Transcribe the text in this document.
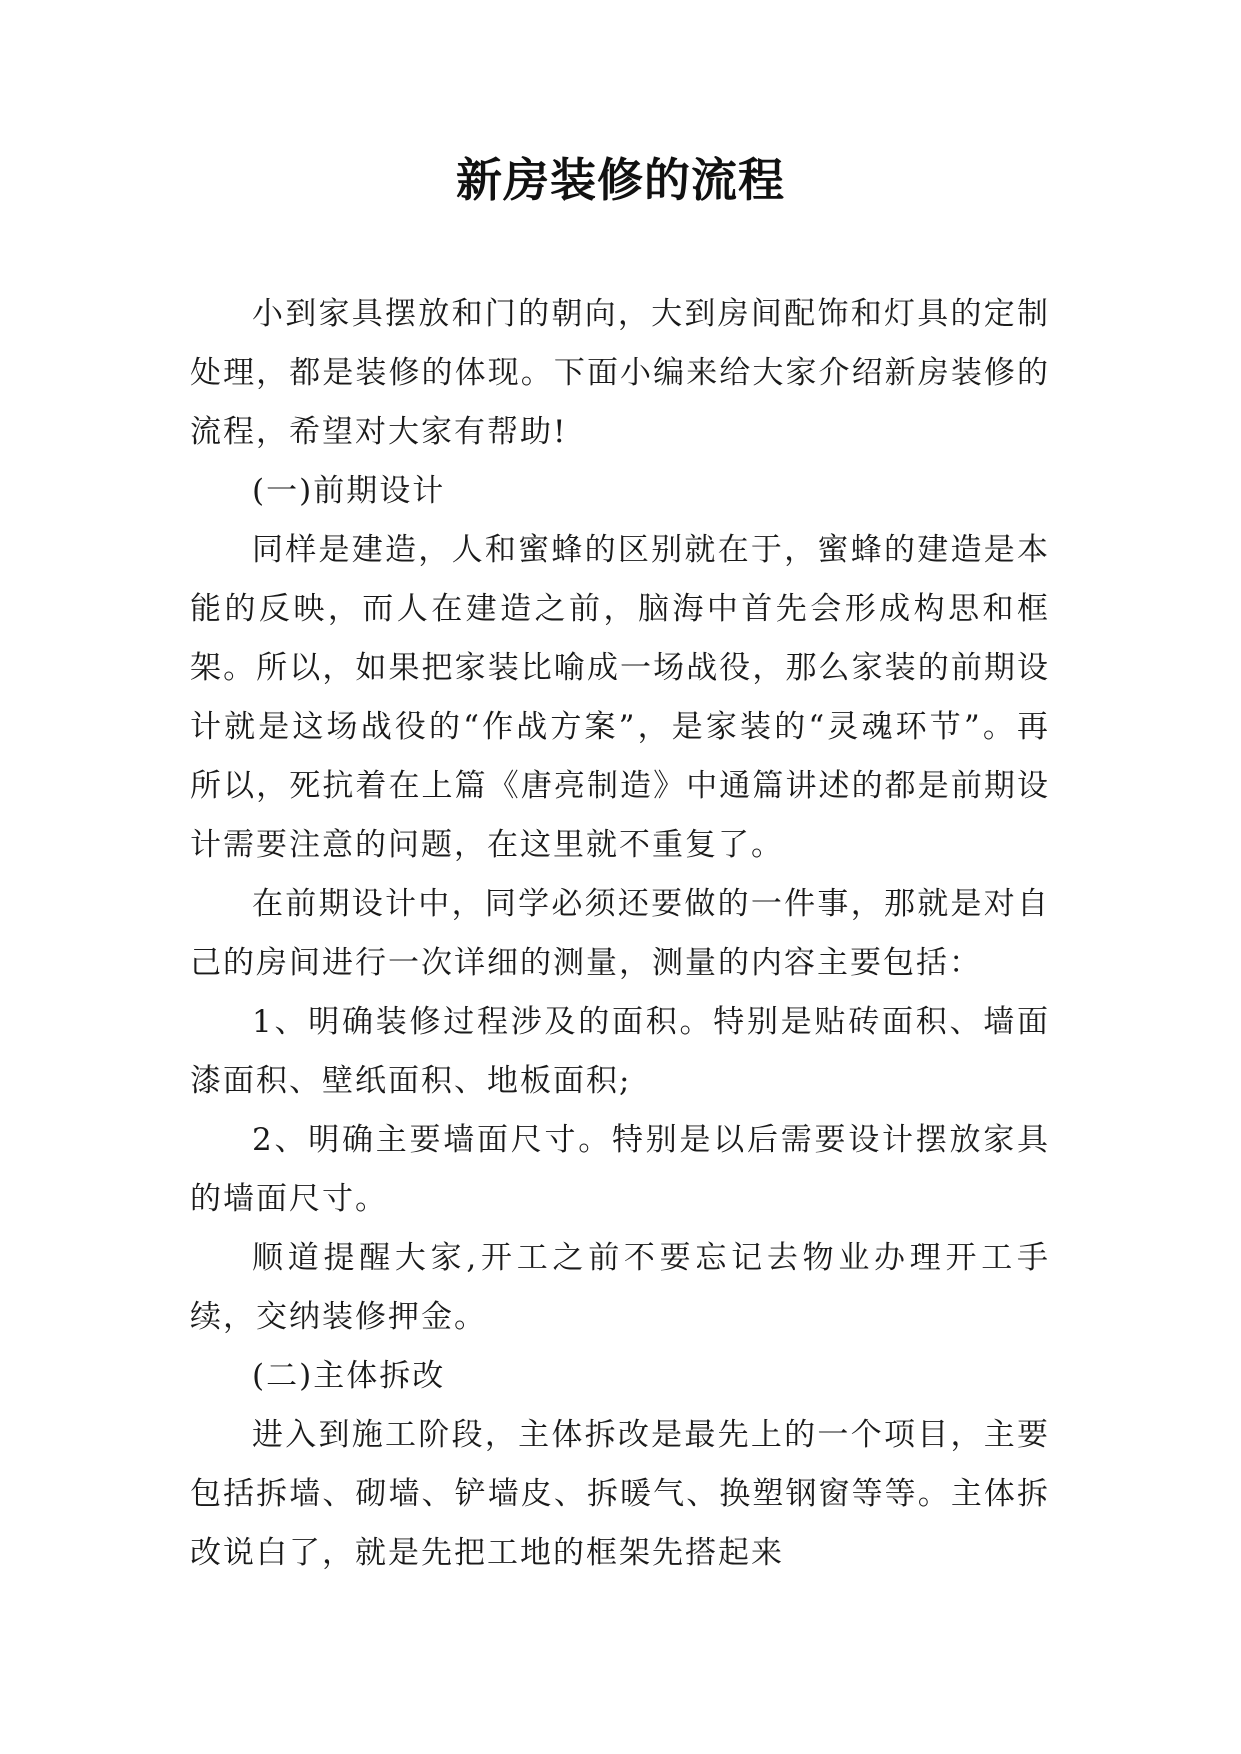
新房装修的流程

小到家具摆放和门的朝向，大到房间配饰和灯具的定制处理，都是装修的体现。下面小编来给大家介绍新房装修的流程，希望对大家有帮助!

(一)前期设计

同样是建造，人和蜜蜂的区别就在于，蜜蜂的建造是本能的反映，而人在建造之前，脑海中首先会形成构思和框架。所以，如果把家装比喻成一场战役，那么家装的前期设计就是这场战役的“作战方案”，是家装的“灵魂环节”。再所以，死抗着在上篇《唐亮制造》中通篇讲述的都是前期设计需要注意的问题，在这里就不重复了。

在前期设计中，同学必须还要做的一件事，那就是对自己的房间进行一次详细的测量，测量的内容主要包括：

1、明确装修过程涉及的面积。特别是贴砖面积、墙面漆面积、壁纸面积、地板面积;

2、明确主要墙面尺寸。特别是以后需要设计摆放家具的墙面尺寸。

顺道提醒大家,开工之前不要忘记去物业办理开工手续，交纳装修押金。

(二)主体拆改

进入到施工阶段，主体拆改是最先上的一个项目，主要包括拆墙、砌墙、铲墙皮、拆暖气、换塑钢窗等等。主体拆改说白了，就是先把工地的框架先搭起来
